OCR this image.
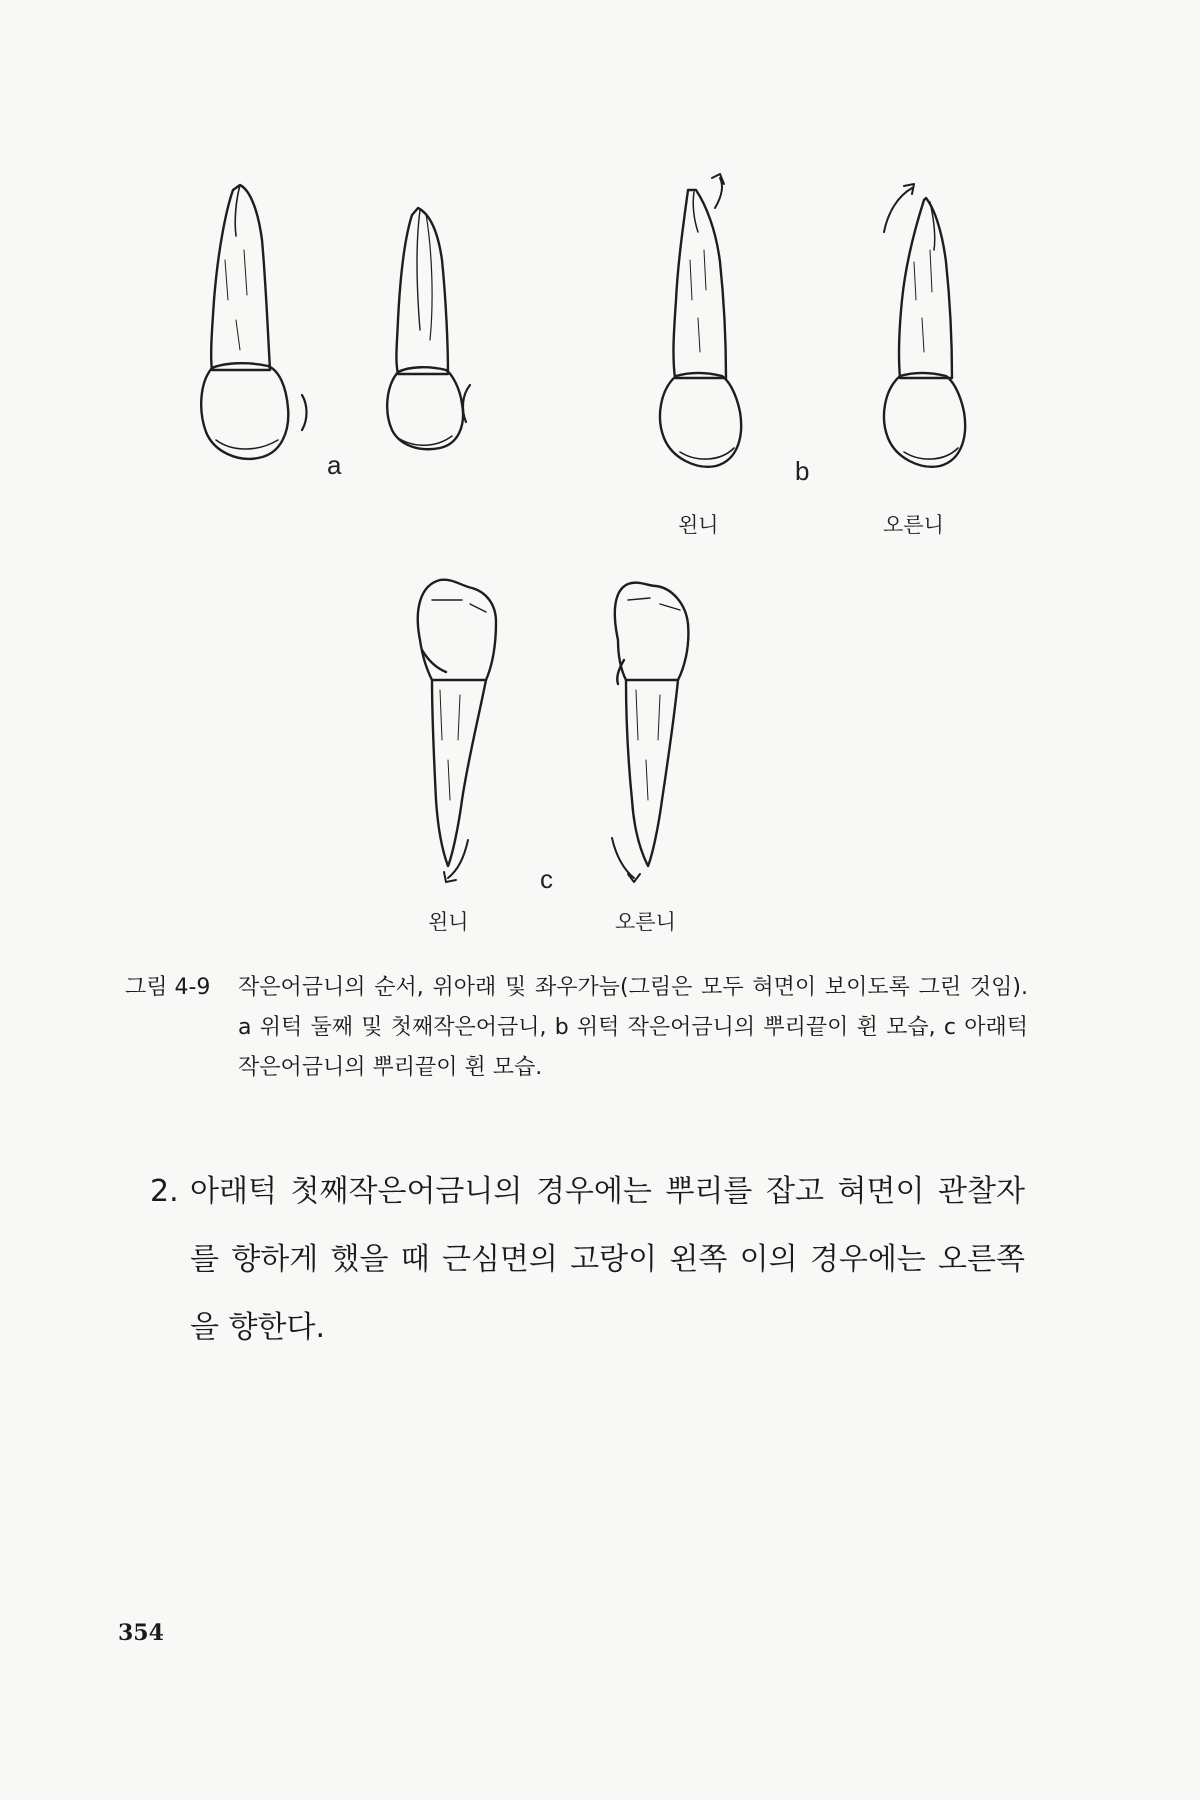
a	b
c
왼니	오른니
왼니	오른니
그림 4-9 작은어금니의 순서, 위아래 및 좌우가늠(그림은 모두 혀면이 보이도록 그린 것임). a 위턱 둘째 및 첫째작은어금니, b 위턱 작은어금니의 뿌리끝이 휜 모습, c 아래턱 작은어금니의 뿌리끝이 휜 모습.
2. 아래턱 첫째작은어금니의 경우에는 뿌리를 잡고 혀면이 관찰자를 향하게 했을 때 근심면의 고랑이 왼쪽 이의 경우에는 오른쪽을 향한다.
354
